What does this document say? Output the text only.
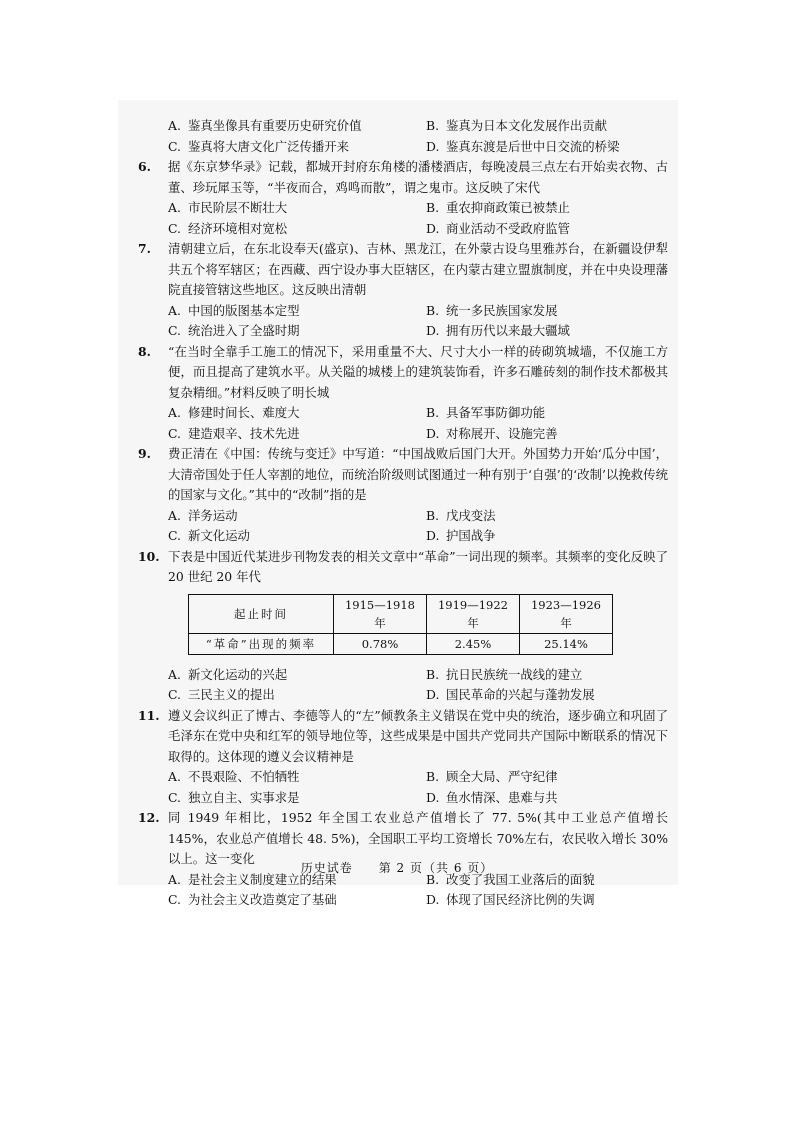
A. 鉴真坐像具有重要历史研究价值	B. 鉴真为日本文化发展作出贡献
C. 鉴真将大唐文化广泛传播开来	D. 鉴真东渡是后世中日交流的桥梁
6.	据《东京梦华录》记载，都城开封府东角楼的潘楼酒店，每晚凌晨三点左右开始卖衣物、古董、珍玩犀玉等，“半夜而合，鸡鸣而散”，谓之鬼市。这反映了宋代
A. 市民阶层不断壮大	B. 重农抑商政策已被禁止
C. 经济环境相对宽松	D. 商业活动不受政府监管
7.	清朝建立后，在东北设奉天(盛京)、吉林、黑龙江，在外蒙古设乌里雅苏台，在新疆设伊犁共五个将军辖区；在西藏、西宁设办事大臣辖区，在内蒙古建立盟旗制度，并在中央设理藩院直接管辖这些地区。这反映出清朝
A. 中国的版图基本定型	B. 统一多民族国家发展
C. 统治进入了全盛时期	D. 拥有历代以来最大疆域
8.	“在当时全靠手工施工的情况下，采用重量不大、尺寸大小一样的砖砌筑城墙，不仅施工方便，而且提高了建筑水平。从关隘的城楼上的建筑装饰看，许多石雕砖刻的制作技术都极其复杂精细。”材料反映了明长城
A. 修建时间长、难度大	B. 具备军事防御功能
C. 建造艰辛、技术先进	D. 对称展开、设施完善
9.	费正清在《中国：传统与变迁》中写道：“中国战败后国门大开。外国势力开始‘瓜分中国’，大清帝国处于任人宰割的地位，而统治阶级则试图通过一种有别于‘自强’的‘改制’以挽救传统的国家与文化。”其中的“改制”指的是
A. 洋务运动	B. 戊戌变法
C. 新文化运动	D. 护国战争
10. 下表是中国近代某进步刊物发表的相关文章中“革命”一词出现的频率。其频率的变化反映了 20 世纪 20 年代
起止时间	1915—1918 年	1919—1922 年	1923—1926 年
“革命”出现的频率	0.78%	2.45%	25.14%
A. 新文化运动的兴起	B. 抗日民族统一战线的建立
C. 三民主义的提出	D. 国民革命的兴起与蓬勃发展
11. 遵义会议纠正了博古、李德等人的“左”倾教条主义错误在党中央的统治，逐步确立和巩固了毛泽东在党中央和红军的领导地位等，这些成果是中国共产党同共产国际中断联系的情况下取得的。这体现的遵义会议精神是
A. 不畏艰险、不怕牺牲	B. 顾全大局、严守纪律
C. 独立自主、实事求是	D. 鱼水情深、患难与共
12. 同 1949 年相比，1952 年全国工农业总产值增长了 77. 5%(其中工业总产值增长 145%，农业总产值增长 48. 5%)，全国职工平均工资增长 70%左右，农民收入增长 30%以上。这一变化
A. 是社会主义制度建立的结果	B. 改变了我国工业落后的面貌
C. 为社会主义改造奠定了基础	D. 体现了国民经济比例的失调
历史试卷　　第 2 页（共 6 页）
